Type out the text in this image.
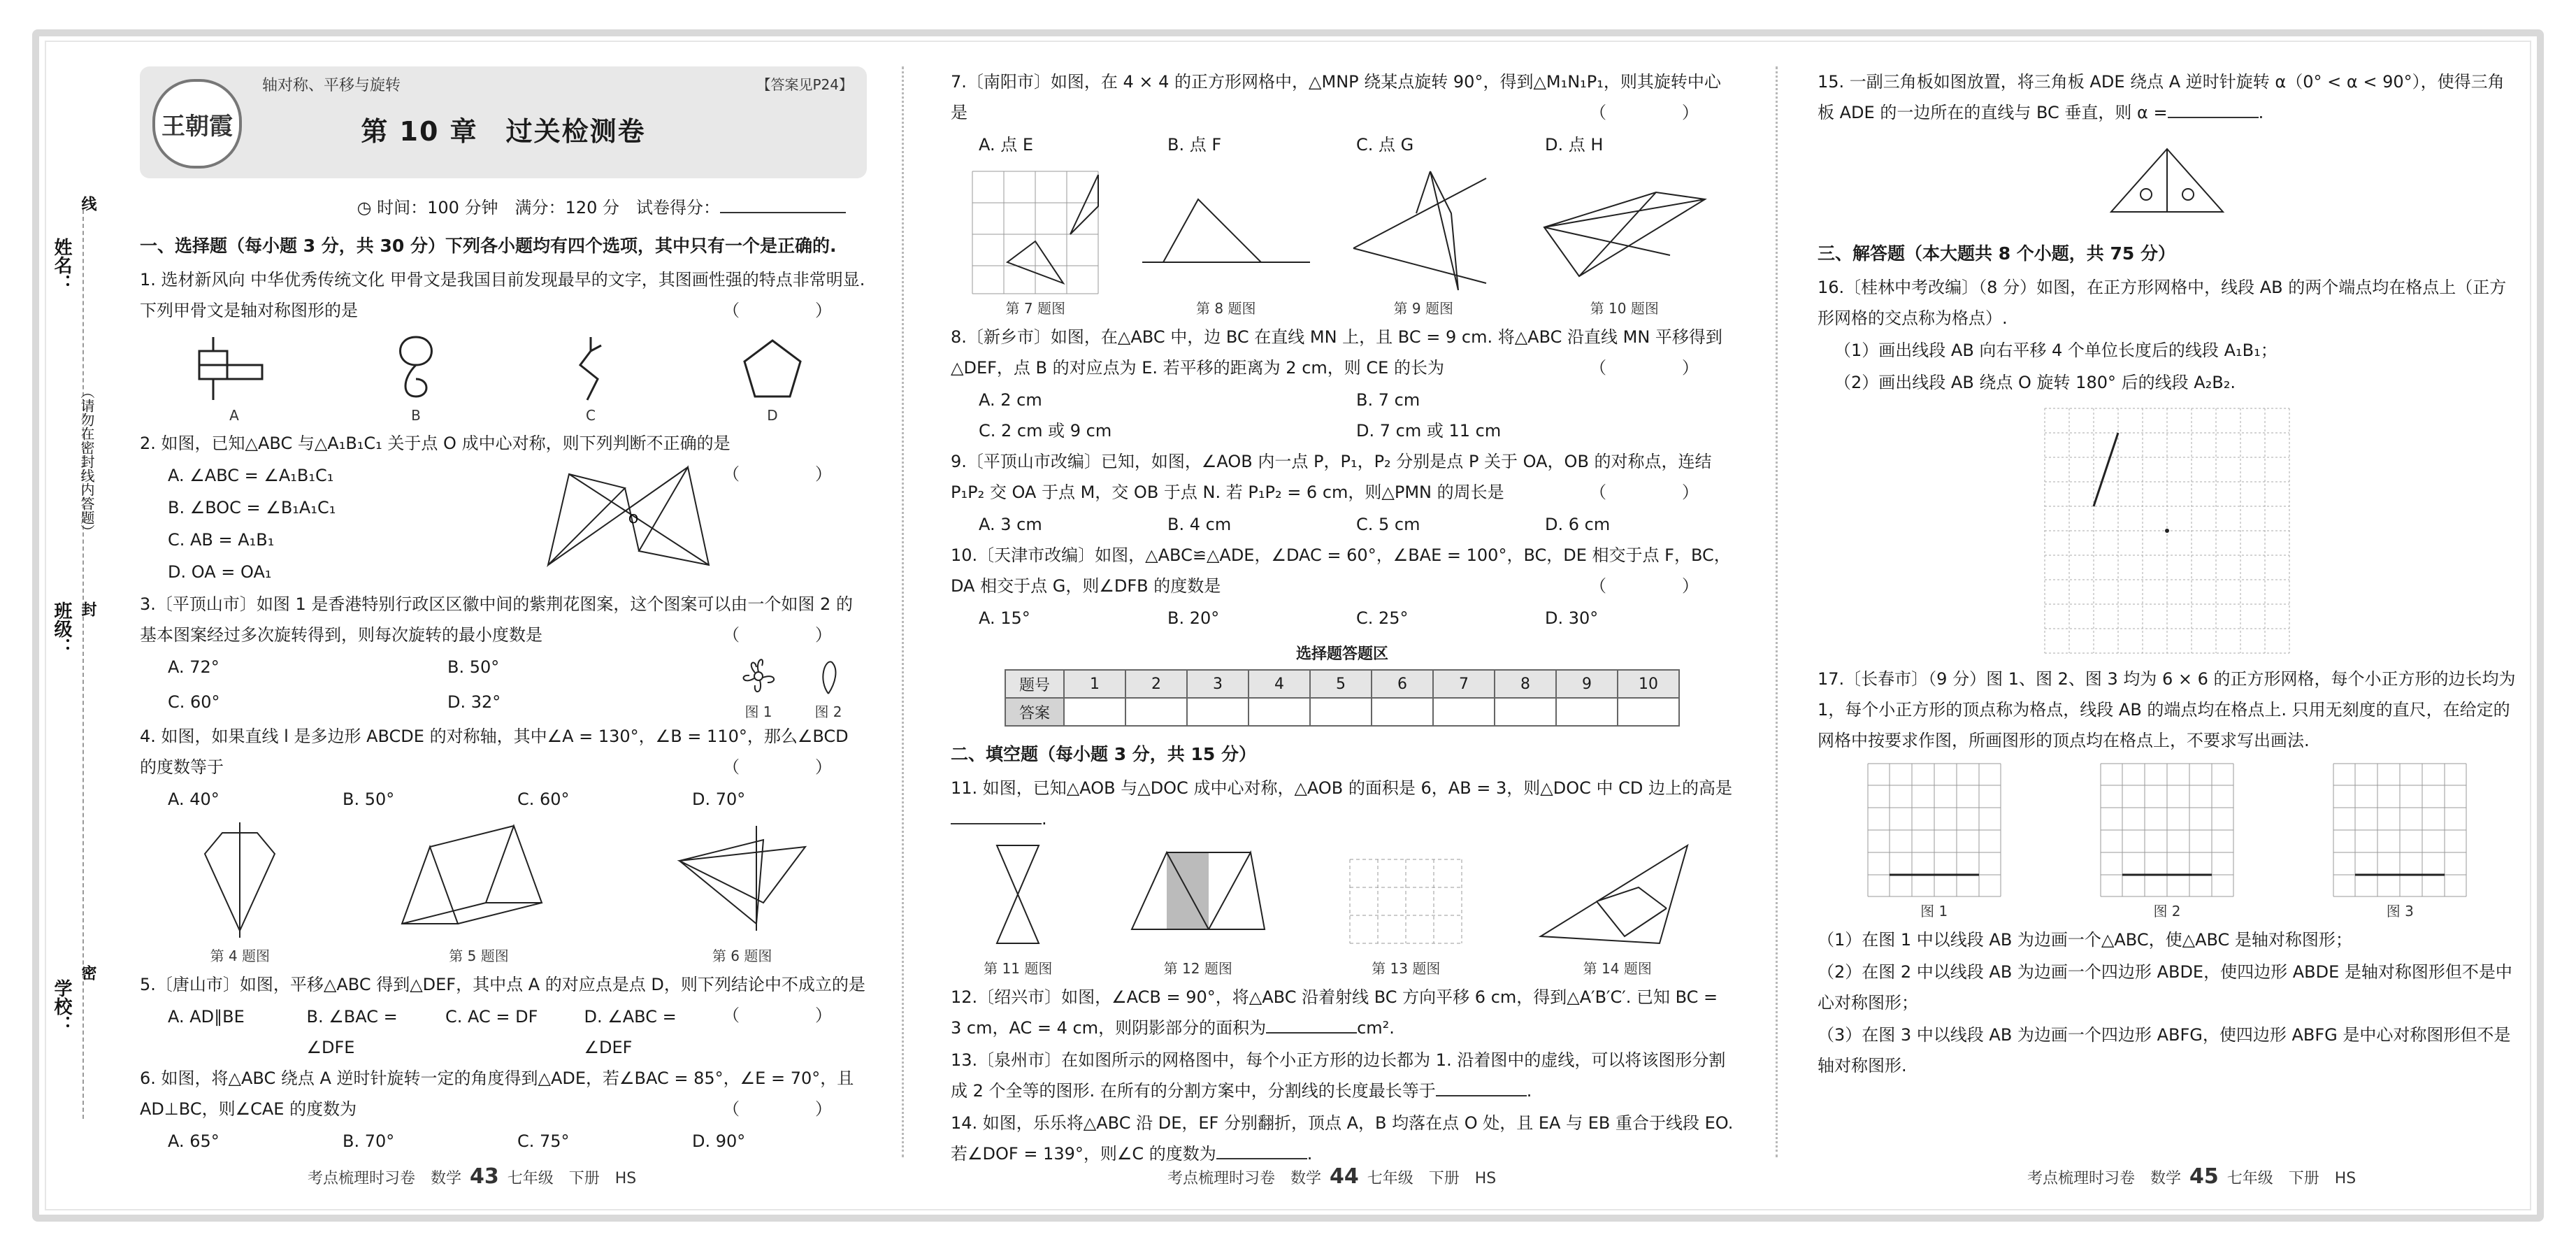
姓名：
班级：
学校：
线
（请勿在密封线内答题）
封
密
王朝霞
轴对称、平移与旋转	【答案见P24】
第 10 章　过关检测卷
◷ 时间：100 分钟　满分：120 分　试卷得分：
一、选择题（每小题 3 分，共 30 分）下列各小题均有四个选项，其中只有一个是正确的.
1. 选材新风向 中华优秀传统文化 甲骨文是我国目前发现最早的文字，其图画性强的特点非常明显. 下列甲骨文是轴对称图形的是	（　　）
A	B	C	D
2. 如图，已知△ABC 与△A₁B₁C₁ 关于点 O 成中心对称，则下列判断不正确的是
（　　）
A. ∠ABC = ∠A₁B₁C₁
B. ∠BOC = ∠B₁A₁C₁
C. AB = A₁B₁
D. OA = OA₁
O
3.〔平顶山市〕如图 1 是香港特别行政区区徽中间的紫荆花图案，这个图案可以由一个如图 2 的基本图案经过多次旋转得到，则每次旋转的最小度数是	（　　）
A. 72°	B. 50°
C. 60°	D. 32°
图 1	图 2
4. 如图，如果直线 l 是多边形 ABCDE 的对称轴，其中∠A = 130°，∠B = 110°，那么∠BCD 的度数等于	（　　）
A. 40°	B. 50°	C. 60°	D. 70°
第 4 题图	第 5 题图	第 6 题图
5.〔唐山市〕如图，平移△ABC 得到△DEF，其中点 A 的对应点是点 D，则下列结论中不成立的是
（　　）
A. AD∥BE	B. ∠BAC = ∠DFE
C. AC = DF	D. ∠ABC = ∠DEF
6. 如图，将△ABC 绕点 A 逆时针旋转一定的角度得到△ADE，若∠BAC = 85°，∠E = 70°，且 AD⊥BC，则∠CAE 的度数为	（　　）
A. 65°	B. 70°	C. 75°	D. 90°
7.〔南阳市〕如图，在 4 × 4 的正方形网格中，△MNP 绕某点旋转 90°，得到△M₁N₁P₁，则其旋转中心是	（　　）
A. 点 E	B. 点 F	C. 点 G	D. 点 H
第 7 题图	第 8 题图	第 9 题图	第 10 题图
8.〔新乡市〕如图，在△ABC 中，边 BC 在直线 MN 上，且 BC = 9 cm. 将△ABC 沿直线 MN 平移得到△DEF，点 B 的对应点为 E. 若平移的距离为 2 cm，则 CE 的长为	（　　）
A. 2 cm	B. 7 cm
C. 2 cm 或 9 cm	D. 7 cm 或 11 cm
9.〔平顶山市改编〕已知，如图，∠AOB 内一点 P，P₁，P₂ 分别是点 P 关于 OA，OB 的对称点，连结 P₁P₂ 交 OA 于点 M，交 OB 于点 N. 若 P₁P₂ = 6 cm，则△PMN 的周长是	（　　）
A. 3 cm	B. 4 cm	C. 5 cm	D. 6 cm
10.〔天津市改编〕如图，△ABC≌△ADE，∠DAC = 60°，∠BAE = 100°，BC，DE 相交于点 F，BC，DA 相交于点 G，则∠DFB 的度数是	（　　）
A. 15°	B. 20°	C. 25°	D. 30°
选择题答题区
题号	1	2	3	4	5	6	7	8	9	10
答案										
二、填空题（每小题 3 分，共 15 分）
11. 如图，已知△AOB 与△DOC 成中心对称，△AOB 的面积是 6，AB = 3，则△DOC 中 CD 边上的高是.
第 11 题图	第 12 题图	第 13 题图	第 14 题图
12.〔绍兴市〕如图，∠ACB = 90°，将△ABC 沿着射线 BC 方向平移 6 cm，得到△A′B′C′. 已知 BC = 3 cm，AC = 4 cm，则阴影部分的面积为	cm².
13.〔泉州市〕在如图所示的网格图中，每个小正方形的边长都为 1. 沿着图中的虚线，可以将该图形分割成 2 个全等的图形. 在所有的分割方案中，分割线的长度最长等于	.
14. 如图，乐乐将△ABC 沿 DE，EF 分别翻折，顶点 A，B 均落在点 O 处，且 EA 与 EB 重合于线段 EO. 若∠DOF = 139°，则∠C 的度数为	.
15. 一副三角板如图放置，将三角板 ADE 绕点 A 逆时针旋转 α（0° < α < 90°），使得三角板 ADE 的一边所在的直线与 BC 垂直，则 α =	.
三、解答题（本大题共 8 个小题，共 75 分）
16.〔桂林中考改编〕（8 分）如图，在正方形网格中，线段 AB 的两个端点均在格点上（正方形网格的交点称为格点）.
（1）画出线段 AB 向右平移 4 个单位长度后的线段 A₁B₁；
（2）画出线段 AB 绕点 O 旋转 180° 后的线段 A₂B₂.
17.〔长春市〕（9 分）图 1、图 2、图 3 均为 6 × 6 的正方形网格，每个小正方形的边长均为 1，每个小正方形的顶点称为格点，线段 AB 的端点均在格点上. 只用无刻度的直尺，在给定的网格中按要求作图，所画图形的顶点均在格点上，不要求写出画法.
图 1	图 2	图 3
（1）在图 1 中以线段 AB 为边画一个△ABC，使△ABC 是轴对称图形；
（2）在图 2 中以线段 AB 为边画一个四边形 ABDE，使四边形 ABDE 是轴对称图形但不是中心对称图形；
（3）在图 3 中以线段 AB 为边画一个四边形 ABFG，使四边形 ABFG 是中心对称图形但不是轴对称图形.
考点梳理时习卷　数学 43 七年级　下册　HS	考点梳理时习卷　数学 44 七年级　下册　HS	考点梳理时习卷　数学 45 七年级　下册　HS
